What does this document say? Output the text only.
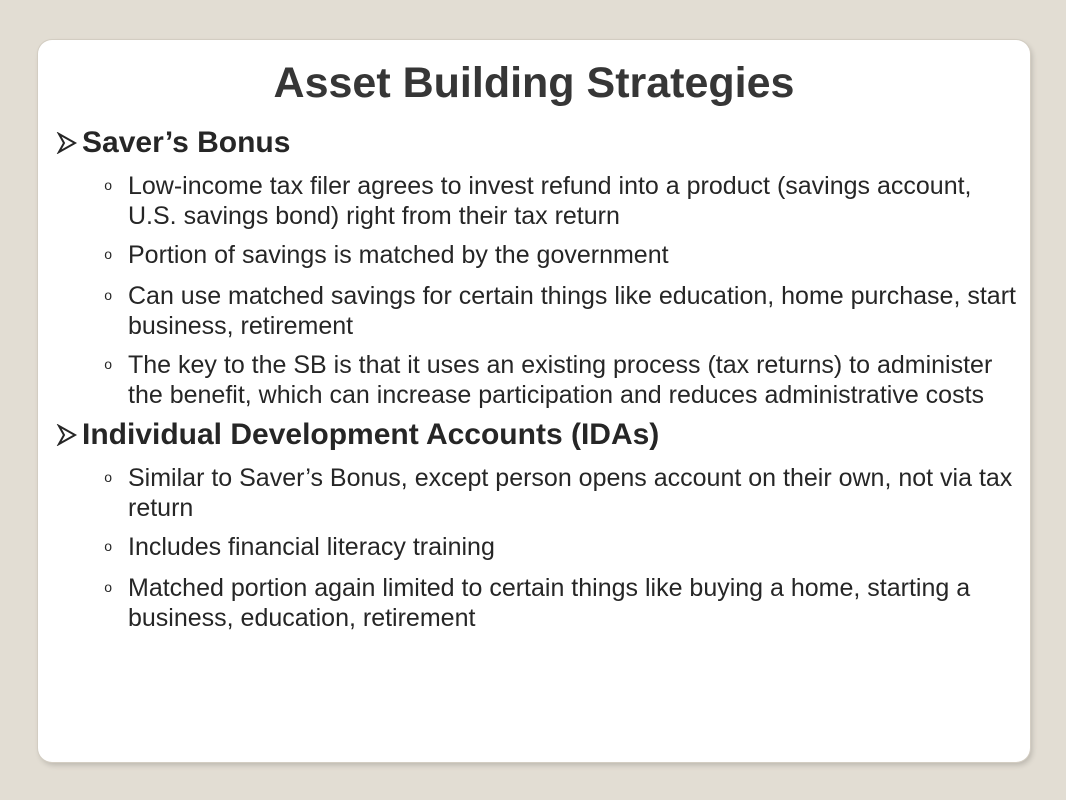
Asset Building Strategies
Saver’s Bonus
o Low-income tax filer agrees to invest refund into a product (savings account, U.S. savings bond) right from their tax return
o Portion of savings is matched by the government
o Can use matched savings for certain things like education, home purchase, start business, retirement
o The key to the SB is that it uses an existing process (tax returns) to administer the benefit, which can increase participation and reduces administrative costs
Individual Development Accounts (IDAs)
o Similar to Saver’s Bonus, except person opens account on their own, not via tax return
o Includes financial literacy training
o Matched portion again limited to certain things like buying a home, starting a business, education, retirement
